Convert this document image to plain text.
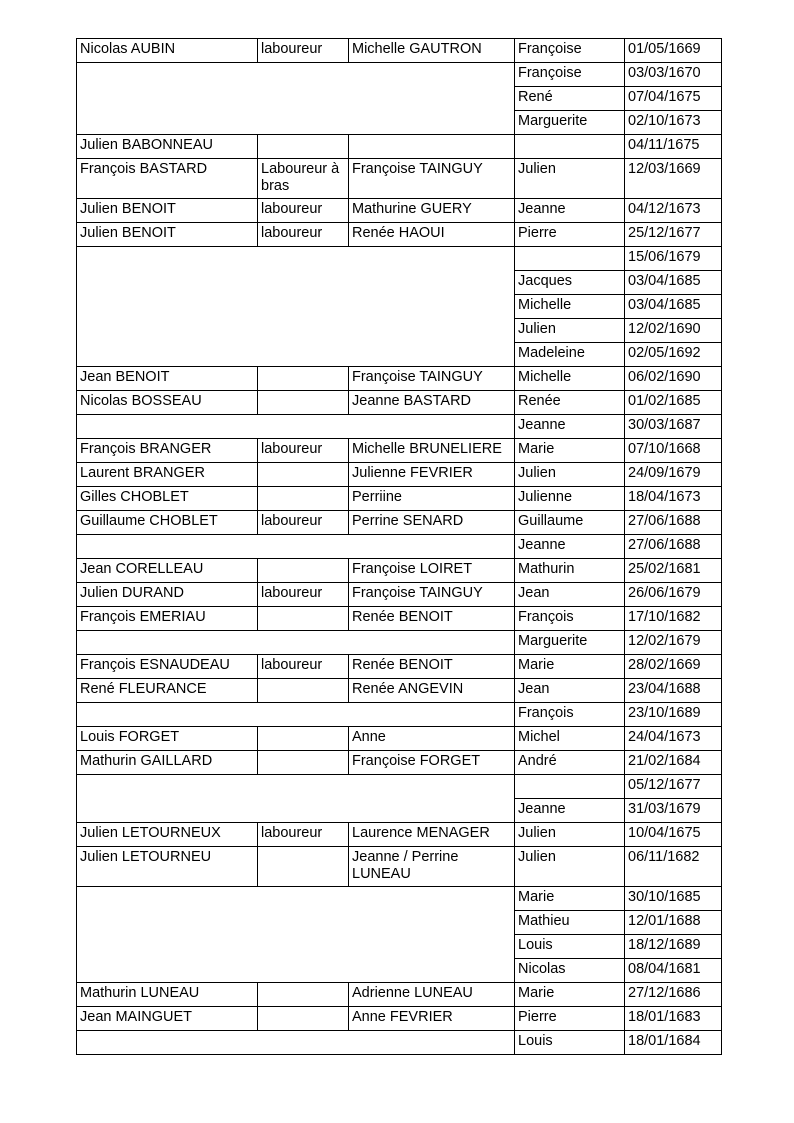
Nicolas AUBIN	laboureur	Michelle GAUTRON	Françoise	01/05/1669
			Françoise	03/03/1670
			René	07/04/1675
			Marguerite	02/10/1673
Julien BABONNEAU				04/11/1675
François BASTARD	Laboureur à bras	Françoise TAINGUY	Julien	12/03/1669
Julien BENOIT	laboureur	Mathurine GUERY	Jeanne	04/12/1673
Julien BENOIT	laboureur	Renée HAOUI	Pierre	25/12/1677
				15/06/1679
			Jacques	03/04/1685
			Michelle	03/04/1685
			Julien	12/02/1690
			Madeleine	02/05/1692
Jean BENOIT		Françoise TAINGUY	Michelle	06/02/1690
Nicolas BOSSEAU		Jeanne BASTARD	Renée	01/02/1685
			Jeanne	30/03/1687
François BRANGER	laboureur	Michelle BRUNELIERE	Marie	07/10/1668
Laurent BRANGER		Julienne FEVRIER	Julien	24/09/1679
Gilles CHOBLET		Perriine	Julienne	18/04/1673
Guillaume CHOBLET	laboureur	Perrine SENARD	Guillaume	27/06/1688
			Jeanne	27/06/1688
Jean CORELLEAU		Françoise LOIRET	Mathurin	25/02/1681
Julien DURAND	laboureur	Françoise TAINGUY	Jean	26/06/1679
François EMERIAU		Renée BENOIT	François	17/10/1682
			Marguerite	12/02/1679
François ESNAUDEAU	laboureur	Renée BENOIT	Marie	28/02/1669
René FLEURANCE		Renée ANGEVIN	Jean	23/04/1688
			François	23/10/1689
Louis FORGET		Anne	Michel	24/04/1673
Mathurin GAILLARD		Françoise FORGET	André	21/02/1684
				05/12/1677
			Jeanne	31/03/1679
Julien LETOURNEUX	laboureur	Laurence MENAGER	Julien	10/04/1675
Julien LETOURNEU		Jeanne / Perrine LUNEAU	Julien	06/11/1682
			Marie	30/10/1685
			Mathieu	12/01/1688
			Louis	18/12/1689
			Nicolas	08/04/1681
Mathurin LUNEAU		Adrienne LUNEAU	Marie	27/12/1686
Jean MAINGUET		Anne FEVRIER	Pierre	18/01/1683
			Louis	18/01/1684
